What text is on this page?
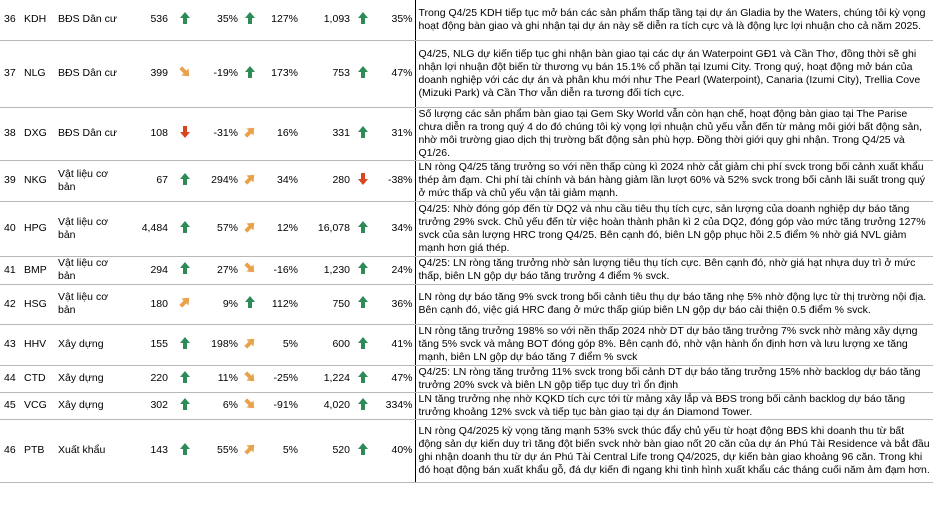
36	KDH	BĐS Dân cư	536		35%		127%	1,093		35%	Trong Q4/25 KDH tiếp tục mở bán các sản phẩm thấp tầng tại dự án Gladia by the Waters, chúng tôi kỳ vọng hoạt động bàn giao và ghi nhận tại dự án này sẽ diễn ra tích cực và là động lực lợi nhuận cho cả năm 2025.
37	NLG	BĐS Dân cư	399		-19%		173%	753		47%	Q4/25, NLG dự kiến tiếp tục ghi nhận bàn giao tại các dự án Waterpoint GĐ1 và Cần Thơ, đồng thời sẽ ghi nhận lợi nhuận đột biến từ thương vụ bán 15.1% cổ phần tại Izumi City. Trong quý, hoạt động mở bán của doanh nghiệp với các dự án và phân khu mới như The Pearl (Waterpoint), Canaria (Izumi City), Trellia Cove (Mizuki Park) và Cần Thơ vẫn diễn ra tương đối tích cực.
38	DXG	BĐS Dân cư	108		-31%		16%	331		31%	Số lượng các sản phẩm bàn giao tại Gem Sky World vẫn còn hạn chế, hoạt động bàn giao tại The Parise chưa diễn ra trong quý 4 do đó chúng tôi kỳ vọng lợi nhuận chủ yếu vẫn đến từ mảng môi giới bất động sản, nhờ môi trường giao dịch thị trường bất động sản phù hợp. Đồng thời giới quy ghi nhận. Trong Q4/25 và Q1/26.
39	NKG	Vật liệu cơ bản	67		294%		34%	280		-38%	LN ròng Q4/25 tăng trưởng so với nền thấp cùng kì 2024 nhờ cắt giảm chi phí svck trong bối cảnh xuất khẩu thép ảm đạm. Chi phí tài chính và bán hàng giảm lần lượt 60% và 52% svck trong bối cảnh lãi suất trong quý ở mức thấp và chủ yếu vận tải giảm mạnh.
40	HPG	Vật liệu cơ bản	4,484		57%		12%	16,078		34%	Q4/25: Nhờ đóng góp đến từ DQ2 và nhu cầu tiêu thụ tích cực, sản lượng của doanh nghiệp dự báo tăng trưởng 29% svck. Chủ yếu đến từ việc hoàn thành phân kì 2 của DQ2, đóng góp vào mức tăng trưởng 127% svck của sản lượng HRC trong Q4/25. Bên cạnh đó, biên LN gộp phục hồi 2.5 điểm % nhờ giá NVL giảm mạnh hơn giá thép.
41	BMP	Vật liệu cơ bản	294		27%		-16%	1,230		24%	Q4/25: LN ròng tăng trưởng nhờ sản lượng tiêu thụ tích cực. Bên cạnh đó, nhờ giá hạt nhựa duy trì ở mức thấp, biên LN gộp dự báo tăng trưởng 4 điểm % svck.
42	HSG	Vật liệu cơ bản	180		9%		112%	750		36%	LN ròng dự báo tăng 9% svck trong bối cảnh tiêu thụ dự báo tăng nhẹ 5% nhờ động lực từ thị trường nội địa. Bên cạnh đó, việc giá HRC đang ở mức thấp giúp biên LN gộp dự báo cải thiện 0.5 điểm % svck.
43	HHV	Xây dựng	155		198%		5%	600		41%	LN ròng tăng trưởng 198% so với nền thấp 2024 nhờ DT dự báo tăng trưởng 7% svck nhờ mảng xây dựng tăng 5% svck và mảng BOT đóng góp 8%. Bên cạnh đó, nhờ vận hành ổn định hơn và lưu lượng xe tăng mạnh, biên LN gộp dự báo tăng 7 điểm % svck
44	CTD	Xây dựng	220		11%		-25%	1,224		47%	Q4/25: LN ròng tăng trưởng 11% svck trong bối cảnh DT dự báo tăng trưởng 15% nhờ backlog dự báo tăng trưởng 20% svck và biên LN gộp tiếp tục duy trì ổn định
45	VCG	Xây dựng	302		6%		-91%	4,020		334%	LN tăng trưởng nhẹ nhờ KQKD tích cực tới từ mảng xây lắp và BĐS trong bối cảnh backlog dự báo tăng trưởng khoảng 12% svck và tiếp tục bàn giao tại dự án Diamond Tower.
46	PTB	Xuất khẩu	143		55%		5%	520		40%	LN ròng Q4/2025 kỳ vọng tăng mạnh 53% svck thúc đẩy chủ yếu từ hoạt động BĐS khi doanh thu từ bất động sản dự kiến duy trì tăng đột biến svck nhờ bàn giao nốt 20 căn của dự án Phú Tài Residence và bắt đầu ghi nhận doanh thu từ dự án Phú Tài Central Life trong Q4/2025, dự kiến bàn giao khoảng 96 căn. Trong khi đó hoạt động bán xuất khẩu gỗ, đá dự kiến đi ngang khi tình hình xuất khẩu các tháng cuối năm ảm đạm hơn.
